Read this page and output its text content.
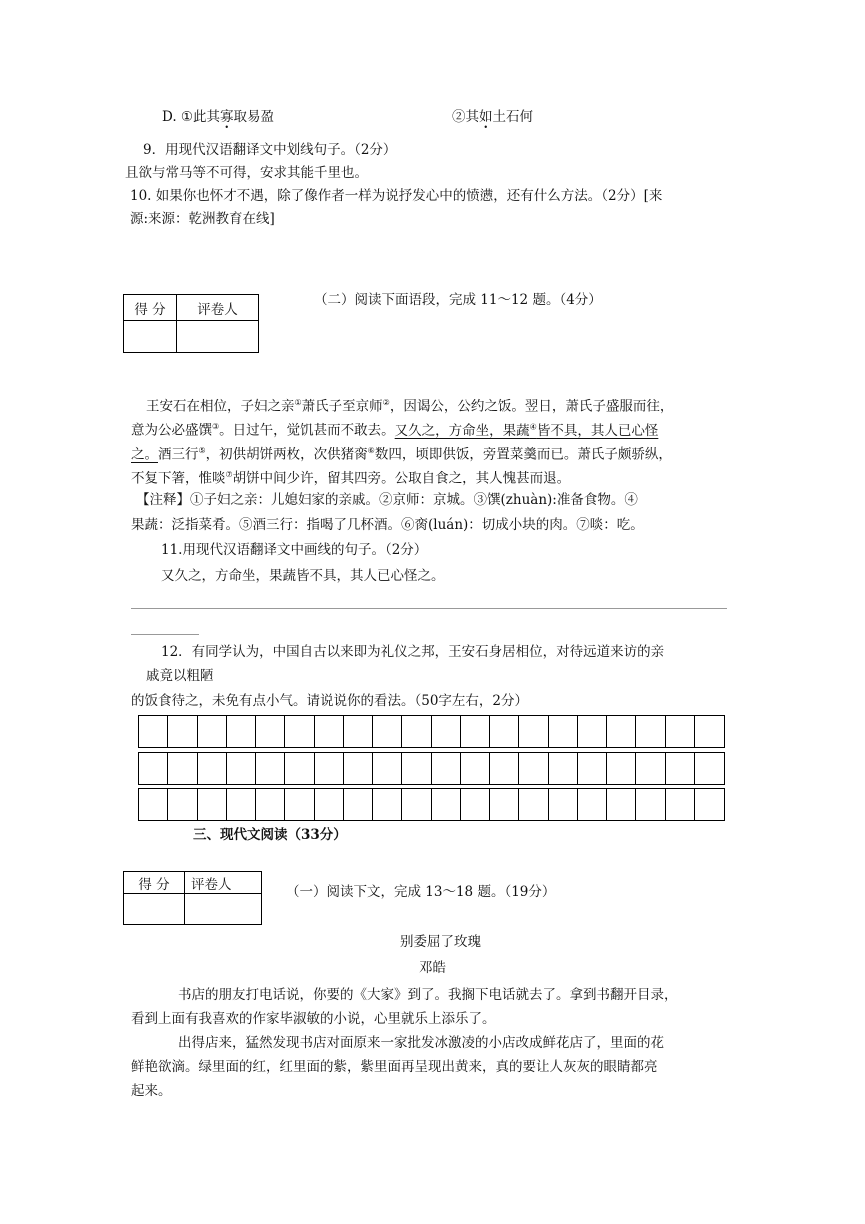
D. ①此其寡取易盈	②其如土石何
9．用现代汉语翻译文中划线句子。（2分）
且欲与常马等不可得，安求其能千里也。
10. 如果你也怀才不遇，除了像作者一样为说抒发心中的愤懑，还有什么方法。（2分）[来
源:来源：乾洲教育在线]
得 分	评卷人

（二）阅读下面语段，完成 11～12 题。（4分）
王安石在相位，子妇之亲①萧氏子至京师②，因谒公，公约之饭。翌日，萧氏子盛服而往，
意为公必盛馔③。日过午，觉饥甚而不敢去。又久之，方命坐，果蔬④皆不具，其人已心怪
之。酒三行⑤，初供胡饼两枚，次供猪脔⑥数四，顷即供饭，旁置菜羹而已。萧氏子颇骄纵，
不复下箸，惟啖⑦胡饼中间少许，留其四旁。公取自食之，其人愧甚而退。
【注释】①子妇之亲：儿媳妇家的亲戚。②京师：京城。③馔(zhuàn):准备食物。④
果蔬：泛指菜肴。⑤酒三行：指喝了几杯酒。⑥脔(luán)：切成小块的肉。⑦啖：吃。
11.用现代汉语翻译文中画线的句子。（2分）
又久之，方命坐，果蔬皆不具，其人已心怪之。
12．有同学认为，中国自古以来即为礼仪之邦，王安石身居相位，对待远道来访的亲
戚竟以粗陋
的饭食待之，未免有点小气。请说说你的看法。（50字左右，2分）
三、现代文阅读（33分）
得 分	评卷人
		（一）阅读下文，完成 13～18 题。（19分）
别委屈了玫瑰
邓皓
书店的朋友打电话说，你要的《大家》到了。我搁下电话就去了。拿到书翻开目录，
看到上面有我喜欢的作家毕淑敏的小说，心里就乐上添乐了。
出得店来，猛然发现书店对面原来一家批发冰激凌的小店改成鲜花店了，里面的花
鲜艳欲滴。绿里面的红，红里面的紫，紫里面再呈现出黄来，真的要让人灰灰的眼睛都亮
起来。
